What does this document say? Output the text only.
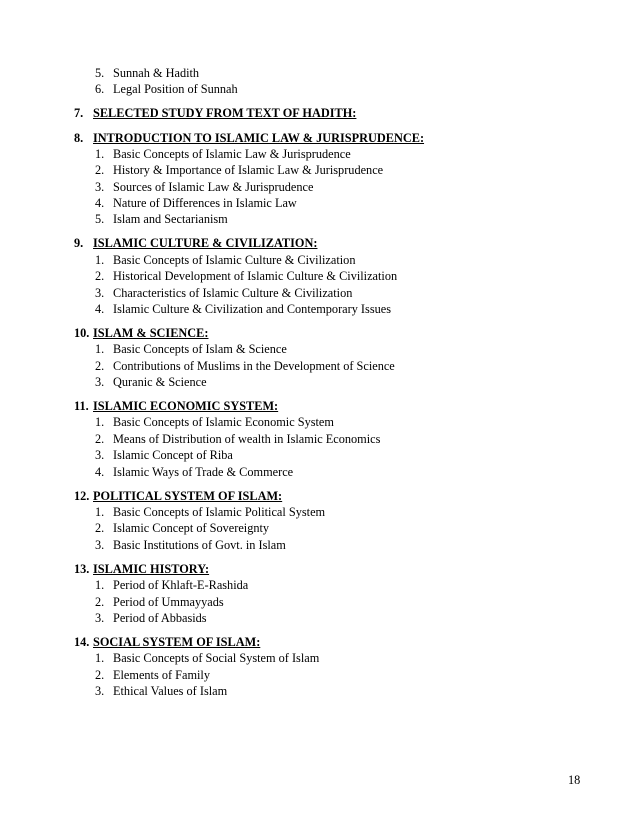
5. Sunnah & Hadith
6. Legal Position of Sunnah
7. SELECTED STUDY FROM TEXT OF HADITH:
8. INTRODUCTION TO ISLAMIC LAW & JURISPRUDENCE:
1. Basic Concepts of Islamic Law & Jurisprudence
2. History & Importance of Islamic Law & Jurisprudence
3. Sources of Islamic Law & Jurisprudence
4. Nature of Differences in Islamic Law
5. Islam and Sectarianism
9. ISLAMIC CULTURE & CIVILIZATION:
1. Basic Concepts of Islamic Culture & Civilization
2. Historical Development of Islamic Culture & Civilization
3. Characteristics of Islamic Culture & Civilization
4. Islamic Culture & Civilization and Contemporary Issues
10. ISLAM & SCIENCE:
1. Basic Concepts of Islam & Science
2. Contributions of Muslims in the Development of Science
3. Quranic & Science
11. ISLAMIC ECONOMIC SYSTEM:
1. Basic Concepts of Islamic Economic System
2. Means of Distribution of wealth in Islamic Economics
3. Islamic Concept of Riba
4. Islamic Ways of Trade & Commerce
12. POLITICAL SYSTEM OF ISLAM:
1. Basic Concepts of Islamic Political System
2. Islamic Concept of Sovereignty
3. Basic Institutions of Govt. in Islam
13. ISLAMIC HISTORY:
1. Period of Khlaft-E-Rashida
2. Period of Ummayyads
3. Period of Abbasids
14. SOCIAL SYSTEM OF ISLAM:
1. Basic Concepts of Social System of Islam
2. Elements of Family
3. Ethical Values of Islam
18
